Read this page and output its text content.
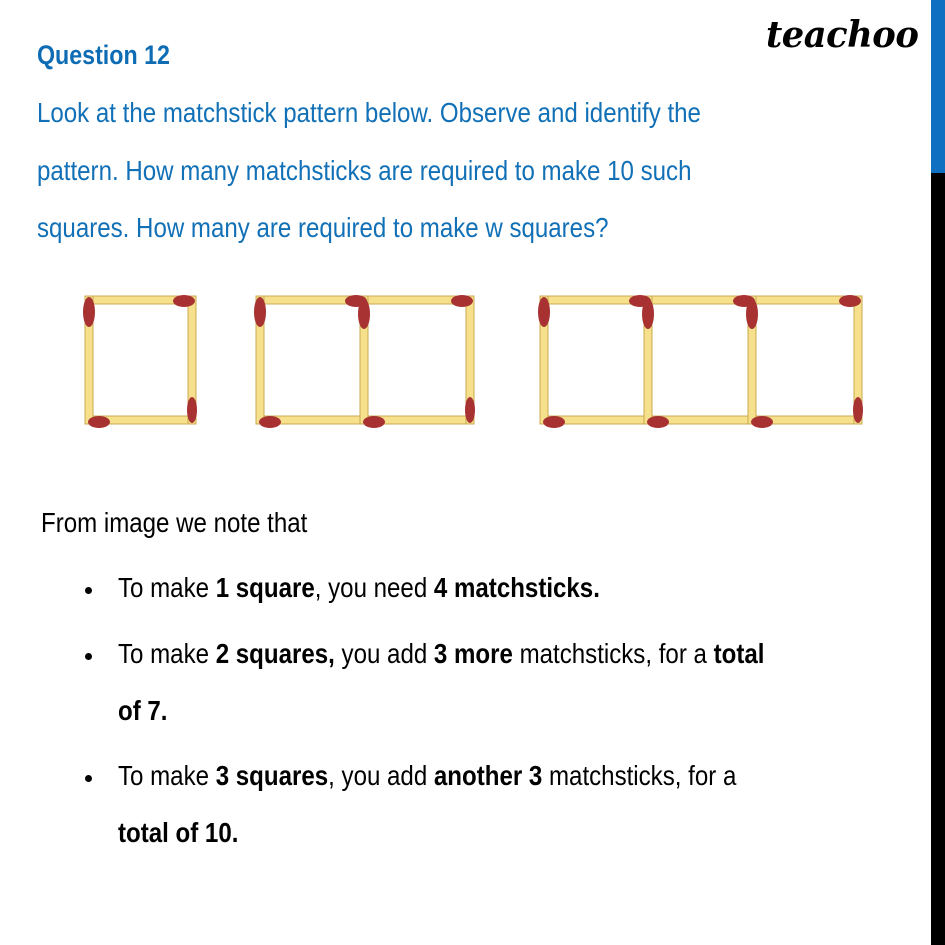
teachoo
Question 12
Look at the matchstick pattern below. Observe and identify the
pattern. How many matchsticks are required to make 10 such
squares. How many are required to make w squares?
From image we note that
To make 1 square, you need 4 matchsticks.
To make 2 squares, you add 3 more matchsticks, for a total
of 7.
To make 3 squares, you add another 3 matchsticks, for a
total of 10.
